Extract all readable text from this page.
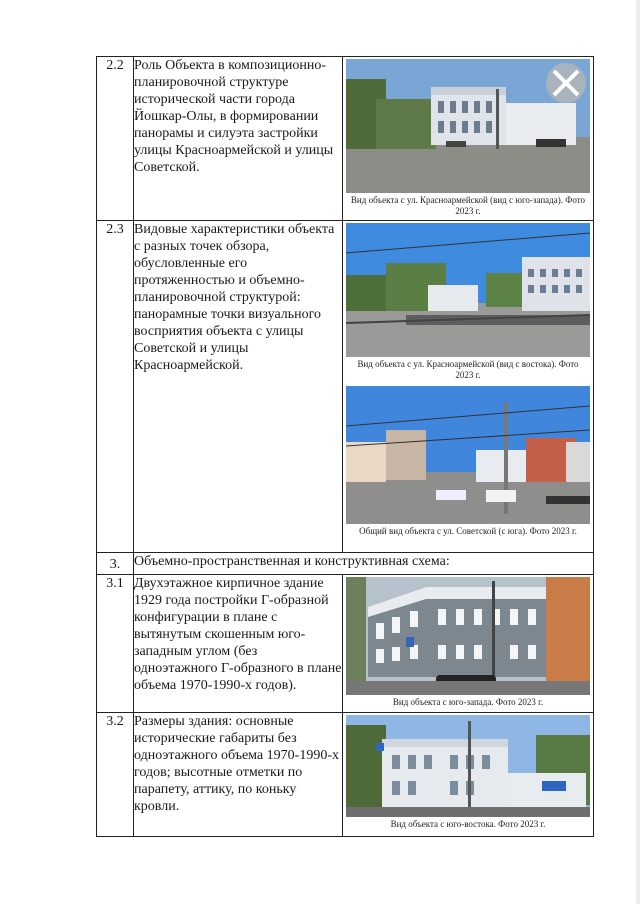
2.2	Роль Объекта в композиционно-планировочной структуре исторической части города Йошкар-Олы, в формировании панорамы и силуэта застройки улицы Красноармейской и улицы Советской.	Вид объекта с ул. Красноармейской (вид с юго-запада). Фото 2023 г.

2.3	Видовые характеристики объекта с разных точек обзора, обусловленные его протяженностью и объемно-планировочной структурой: панорамные точки визуального восприятия объекта с улицы Советской и улицы Красноармейской.	Вид объекта с ул. Красноармейской (вид с востока). Фото 2023 г.
Общий вид объекта с ул. Советской (с юга). Фото 2023 г.

3.	Объемно-пространственная и конструктивная схема:	
3.1	Двухэтажное кирпичное здание 1929 года постройки Г-образной конфигурации в плане с вытянутым скошенным юго-западным углом (без одноэтажного Г-образного в плане объема 1970-1990-х годов).	Вид объекта с юго-запада. Фото 2023 г.

3.2	Размеры здания: основные исторические габариты без одноэтажного объема 1970-1990-х годов; высотные отметки по парапету, аттику, по коньку кровли.	Вид объекта с юго-востока. Фото 2023 г.
